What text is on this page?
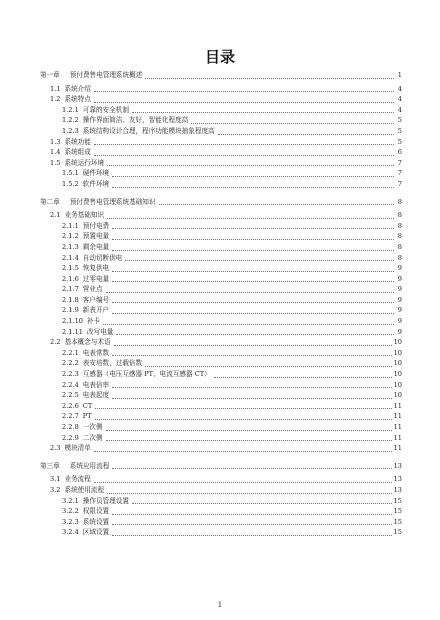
目录
第一章 预付费售电管理系统概述	1
1.1 系统介绍	4
1.2 系统特点	4
1.2.1 可靠的安全机制	4
1.2.2 操作界面简洁、友好，智能化程度高	5
1.2.3 系统结构设计合理，程序功能模块抽象程度高	5
1.3 系统功能	5
1.4 系统组成	6
1.5 系统运行环境	7
1.5.1 硬件环境	7
1.5.2 软件环境	7
第二章 预付费售电管理系统基础知识	8
2.1 业务基础知识	8
2.1.1 预付电费	8
2.1.2 预置电量	8
2.1.3 剩余电量	8
2.1.4 自动切断供电	8
2.1.5 恢复供电	9
2.1.6 过零电量	9
2.1.7 营业点	9
2.1.8 客户编号	9
2.1.9 新表开户	9
2.1.10 补卡	9
2.1.11 改写电量	9
2.2 基本概念与术语	10
2.2.1 电表常数	10
2.2.2 表安培数，过载倍数	10
2.2.3 互感器（电压互感器 PT、电流互感器 CT）	10
2.2.4 电表倍率	10
2.2.5 电表起度	10
2.2.6 CT	11
2.2.7 PT	11
2.2.8 一次侧	11
2.2.9 二次侧	11
2.3 模块清单	11
第三章 系统应用流程	13
3.1 业务流程	13
3.2 系统使用流程	13
3.2.1 操作员管理设置	15
3.2.2 权限设置	15
3.2.3 系统设置	15
3.2.4 区域设置	15
1
